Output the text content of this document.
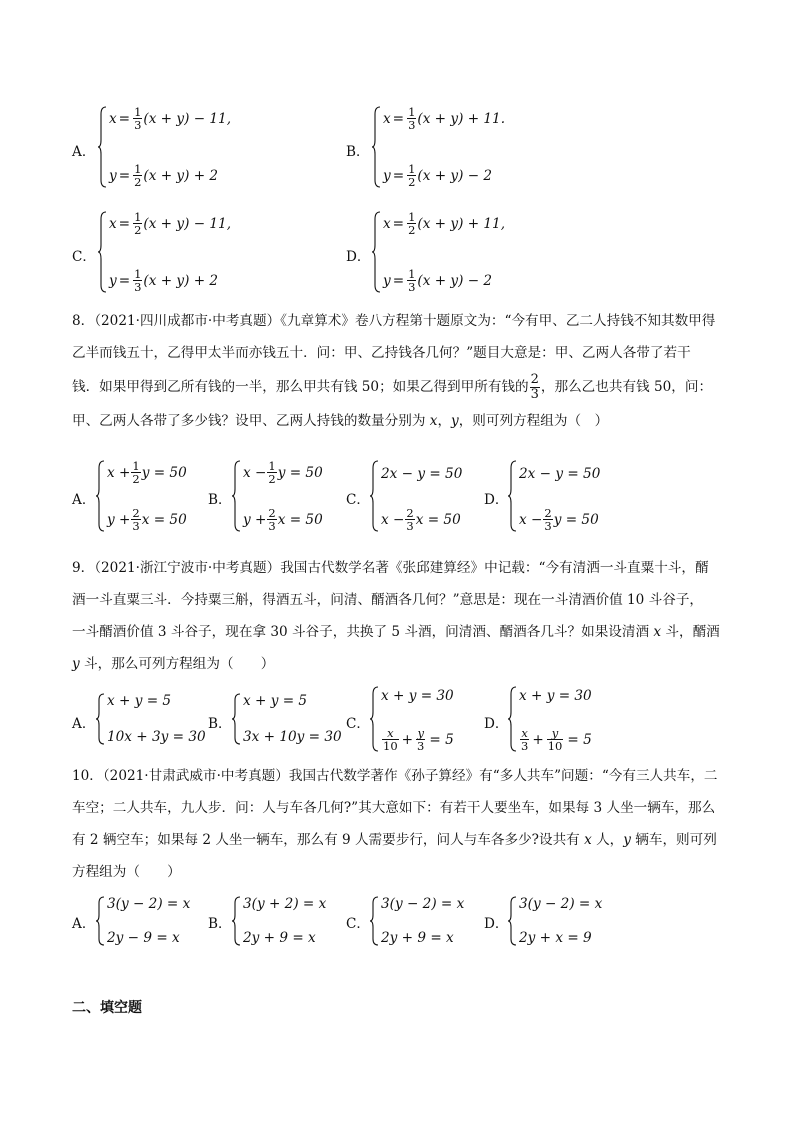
A．
$x = \frac{1}{3} (x + y) - 11$,
$y = \frac{1}{2} (x + y) + 2$
B．
$x = \frac{1}{3} (x + y) + 11$.
$y = \frac{1}{2} (x + y) - 2$
C．
$x = \frac{1}{2} (x + y) - 11$,
$y = \frac{1}{3} (x + y) + 2$
D．
$x = \frac{1}{2} (x + y) + 11$,
$y = \frac{1}{3} (x + y) - 2$

8．（2021·四川成都市·中考真题）《九章算术》卷八方程第十题原文为：“今有甲、乙二人持钱不知其数甲得

乙半而钱五十，乙得甲太半而亦钱五十．问：甲、乙持钱各几何？”题目大意是：甲、乙两人各带了若干

钱．如果甲得到乙所有钱的一半，那么甲共有钱 50；如果乙得到甲所有钱的 $\frac{2}{3}$ ，那么乙也共有钱 50，问：

甲、乙两人各带了多少钱？设甲、乙两人持钱的数量分别为 x，y，则可列方程组为（　）

A．
$x + \frac{1}{2}$ y = 50
$y + \frac{2}{3}$ x = 50
B．
$x - \frac{1}{2}$ y = 50
$y + \frac{2}{3}$ x = 50
C．
2x − y = 50
$x - \frac{2}{3}$ x = 50
D．
2x − y = 50
$x - \frac{2}{3}$ y = 50

9．（2021·浙江宁波市·中考真题）我国古代数学名著《张邱建算经》中记载：“今有清洒一斗直粟十斗，醑

酒一斗直粟三斗．今持粟三斛，得酒五斗，问清、醑酒各几何？”意思是：现在一斗清酒价值 10 斗谷子，

一斗醑酒价值 3 斗谷子，现在拿 30 斗谷子，共换了 5 斗酒，问清酒、醑酒各几斗？如果设清酒 x 斗，醑酒

y 斗，那么可列方程组为（　　）

A．
x + y = 5
10x + 3y = 30
B．
x + y = 5
3x + 10y = 30
C．
x + y = 30
$\frac{x}{10} + \frac{y}{3} = 5$
D．
x + y = 30
$\frac{x}{3} + \frac{y}{10} = 5$

10．（2021·甘肃武威市·中考真题）我国古代数学著作《孙子算经》有“多人共车”问题：“今有三人共车，二

车空；二人共车，九人步．问：人与车各几何?”其大意如下：有若干人要坐车，如果每 3 人坐一辆车，那么

有 2 辆空车；如果每 2 人坐一辆车，那么有 9 人需要步行，问人与车各多少?设共有 x 人，y 辆车，则可列

方程组为（　　）

A．
3(y − 2) = x
2y − 9 = x
B．
3(y + 2) = x
2y + 9 = x
C．
3(y − 2) = x
2y + 9 = x
D．
3(y − 2) = x
2y + x = 9
二、填空题
